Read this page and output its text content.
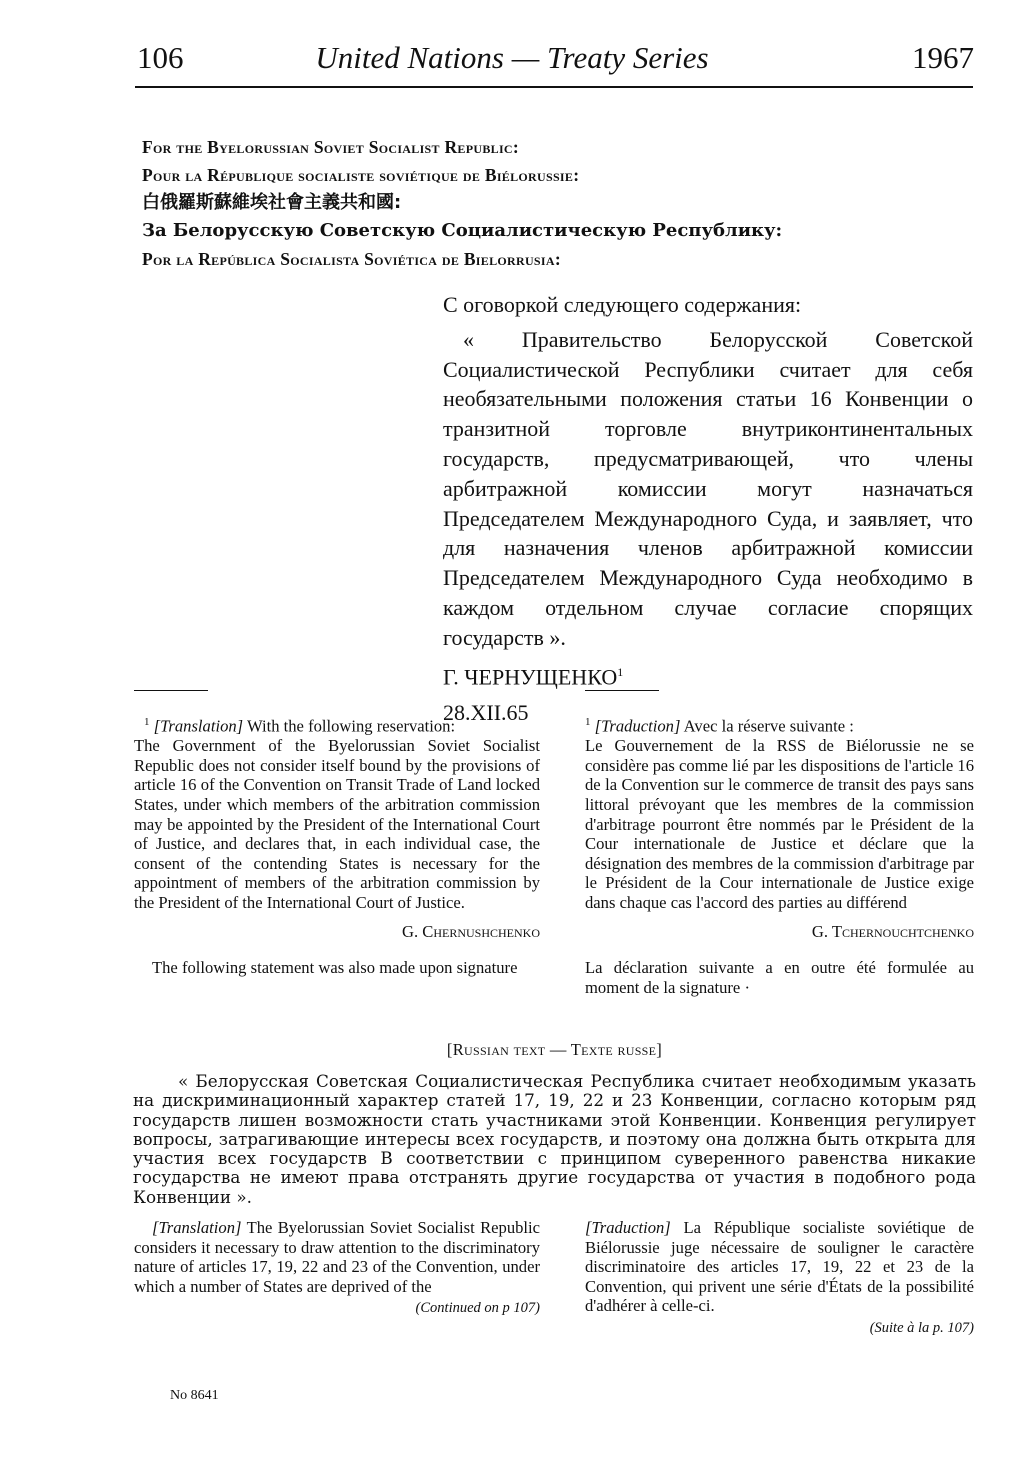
United Nations — Treaty Series
106	1967
For the Byelorussian Soviet Socialist Republic:
Pour la République socialiste soviétique de Biélorussie:
白俄羅斯蘇維埃社會主義共和國:
За Белорусскую Советскую Социалистическую Республику:
Por la República Socialista Soviética de Bielorrusia:

С оговоркой следующего содержания:

« Правительство Белорусской Советской Социалистической Республики считает для себя необязательными положения статьи 16 Конвенции о транзитной торговле внутриконтинентальных государств, предусматривающей, что члены арбитражной комиссии могут назначаться Председателем Международного Суда, и заявляет, что для назначения членов арбитражной комиссии Председателем Международного Суда необходимо в каждом отдельном случае согласие спорящих государств ».

Г. ЧЕРНУЩЕНКО$^1$

28.XII.65

$^1$ [Translation] With the following reservation:

The Government of the Byelorussian Soviet Socialist Republic does not consider itself bound by the provisions of article 16 of the Convention on Transit Trade of Land locked States, under which members of the arbitration commission may be appointed by the President of the International Court of Justice, and declares that, in each individual case, the consent of the contending States is necessary for the appointment of members of the arbitration commission by the President of the International Court of Justice.

G. Chernushchenko

The following statement was also made upon signature

$^1$ [Traduction] Avec la réserve suivante :

Le Gouvernement de la RSS de Biélorussie ne se considère pas comme lié par les dispositions de l'article 16 de la Convention sur le commerce de transit des pays sans littoral prévoyant que les membres de la commission d'arbitrage pourront être nommés par le Président de la Cour internationale de Justice et déclare que la désignation des membres de la commission d'arbitrage par le Président de la Cour internationale de Justice exige dans chaque cas l'accord des parties au différend

G. Tchernouchtchenko

La déclaration suivante a en outre été formulée au moment de la signature ·

[Russian text — Texte russe]

« Белорусская Советская Социалистическая Республика считает необходимым указать на дискриминационный характер статей 17, 19, 22 и 23 Конвенции, согласно которым ряд государств лишен возможности стать участниками этой Конвенции. Конвенция регулирует вопросы, затрагивающие интересы всех государств, и поэтому она должна быть открыта для участия всех государств В соответствии с принципом суверенного равенства никакие государства не имеют права отстранять другие государства от участия в подобного рода Конвенции ».

[Translation] The Byelorussian Soviet Socialist Republic considers it necessary to draw attention to the discriminatory nature of articles 17, 19, 22 and 23 of the Convention, under which a number of States are deprived of the

(Continued on p 107)

[Traduction] La République socialiste soviétique de Biélorussie juge nécessaire de souligner le caractère discriminatoire des articles 17, 19, 22 et 23 de la Convention, qui privent une série d'États de la possibilité d'adhérer à celle-ci.

(Suite à la p. 107)

No 8641
